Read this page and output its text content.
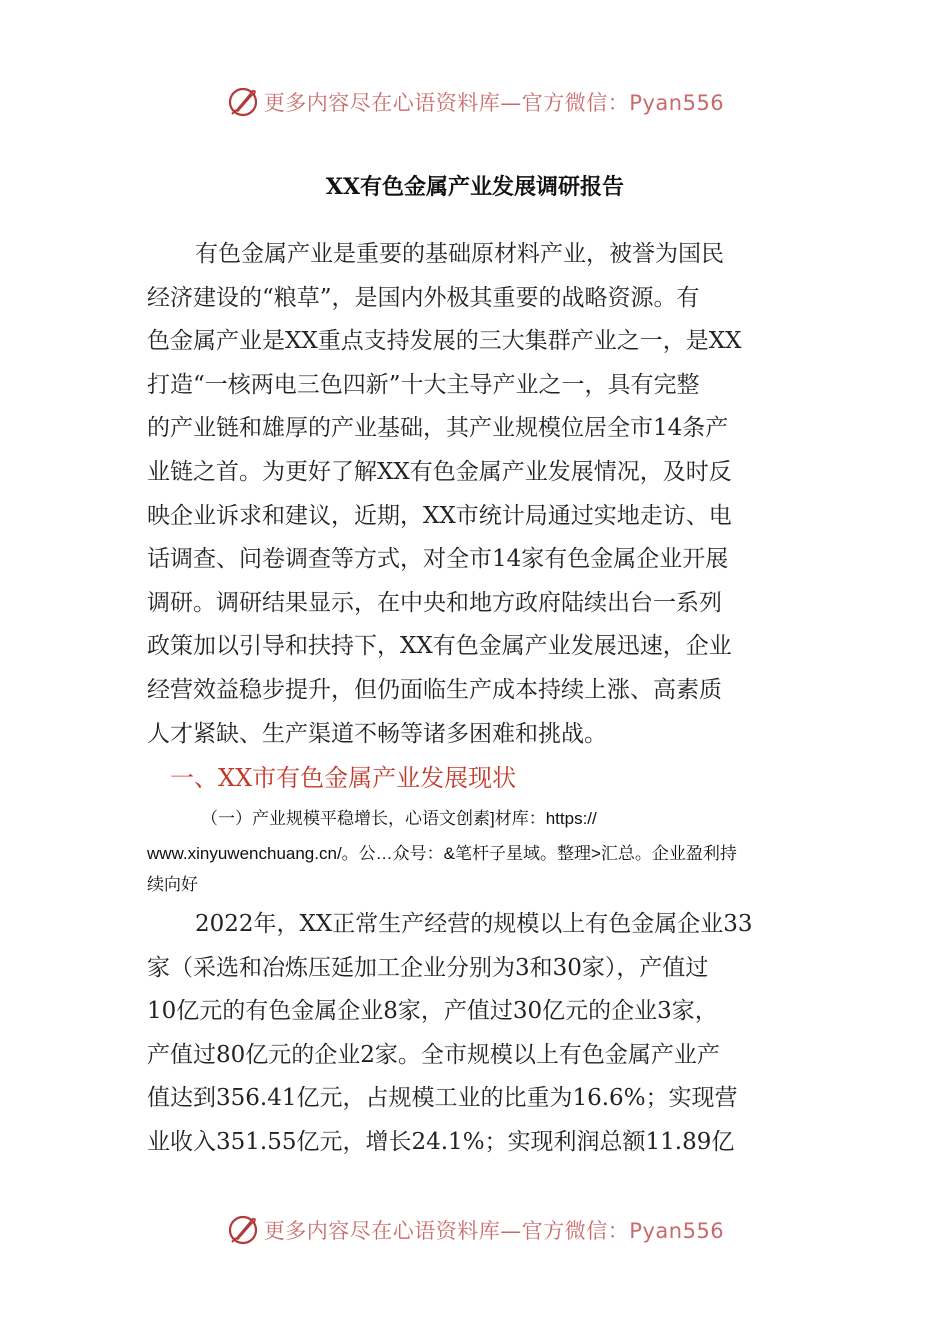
更多内容尽在心语资料库—官方微信：Pyan556
XX有色金属产业发展调研报告
有色金属产业是重要的基础原材料产业，被誉为国民
经济建设的“粮草”，是国内外极其重要的战略资源。有
色金属产业是XX重点支持发展的三大集群产业之一，是XX
打造“一核两电三色四新”十大主导产业之一，具有完整
的产业链和雄厚的产业基础，其产业规模位居全市14条产
业链之首。为更好了解XX有色金属产业发展情况，及时反
映企业诉求和建议，近期，XX市统计局通过实地走访、电
话调查、问卷调查等方式，对全市14家有色金属企业开展
调研。调研结果显示，在中央和地方政府陆续出台一系列
政策加以引导和扶持下，XX有色金属产业发展迅速，企业
经营效益稳步提升，但仍面临生产成本持续上涨、高素质
人才紧缺、生产渠道不畅等诸多困难和挑战。
一、XX市有色金属产业发展现状
（一）产业规模平稳增长，心语文创素]材库：https://
www.xinyuwenchuang.cn/。公…众号：&笔杆子星域。整理>汇总。企业盈利持
续向好
2022年，XX正常生产经营的规模以上有色金属企业33
家（采选和冶炼压延加工企业分别为3和30家），产值过
10亿元的有色金属企业8家，产值过30亿元的企业3家，
产值过80亿元的企业2家。全市规模以上有色金属产业产
值达到356.41亿元，占规模工业的比重为16.6%；实现营
业收入351.55亿元，增长24.1%；实现利润总额11.89亿
更多内容尽在心语资料库—官方微信：Pyan556
